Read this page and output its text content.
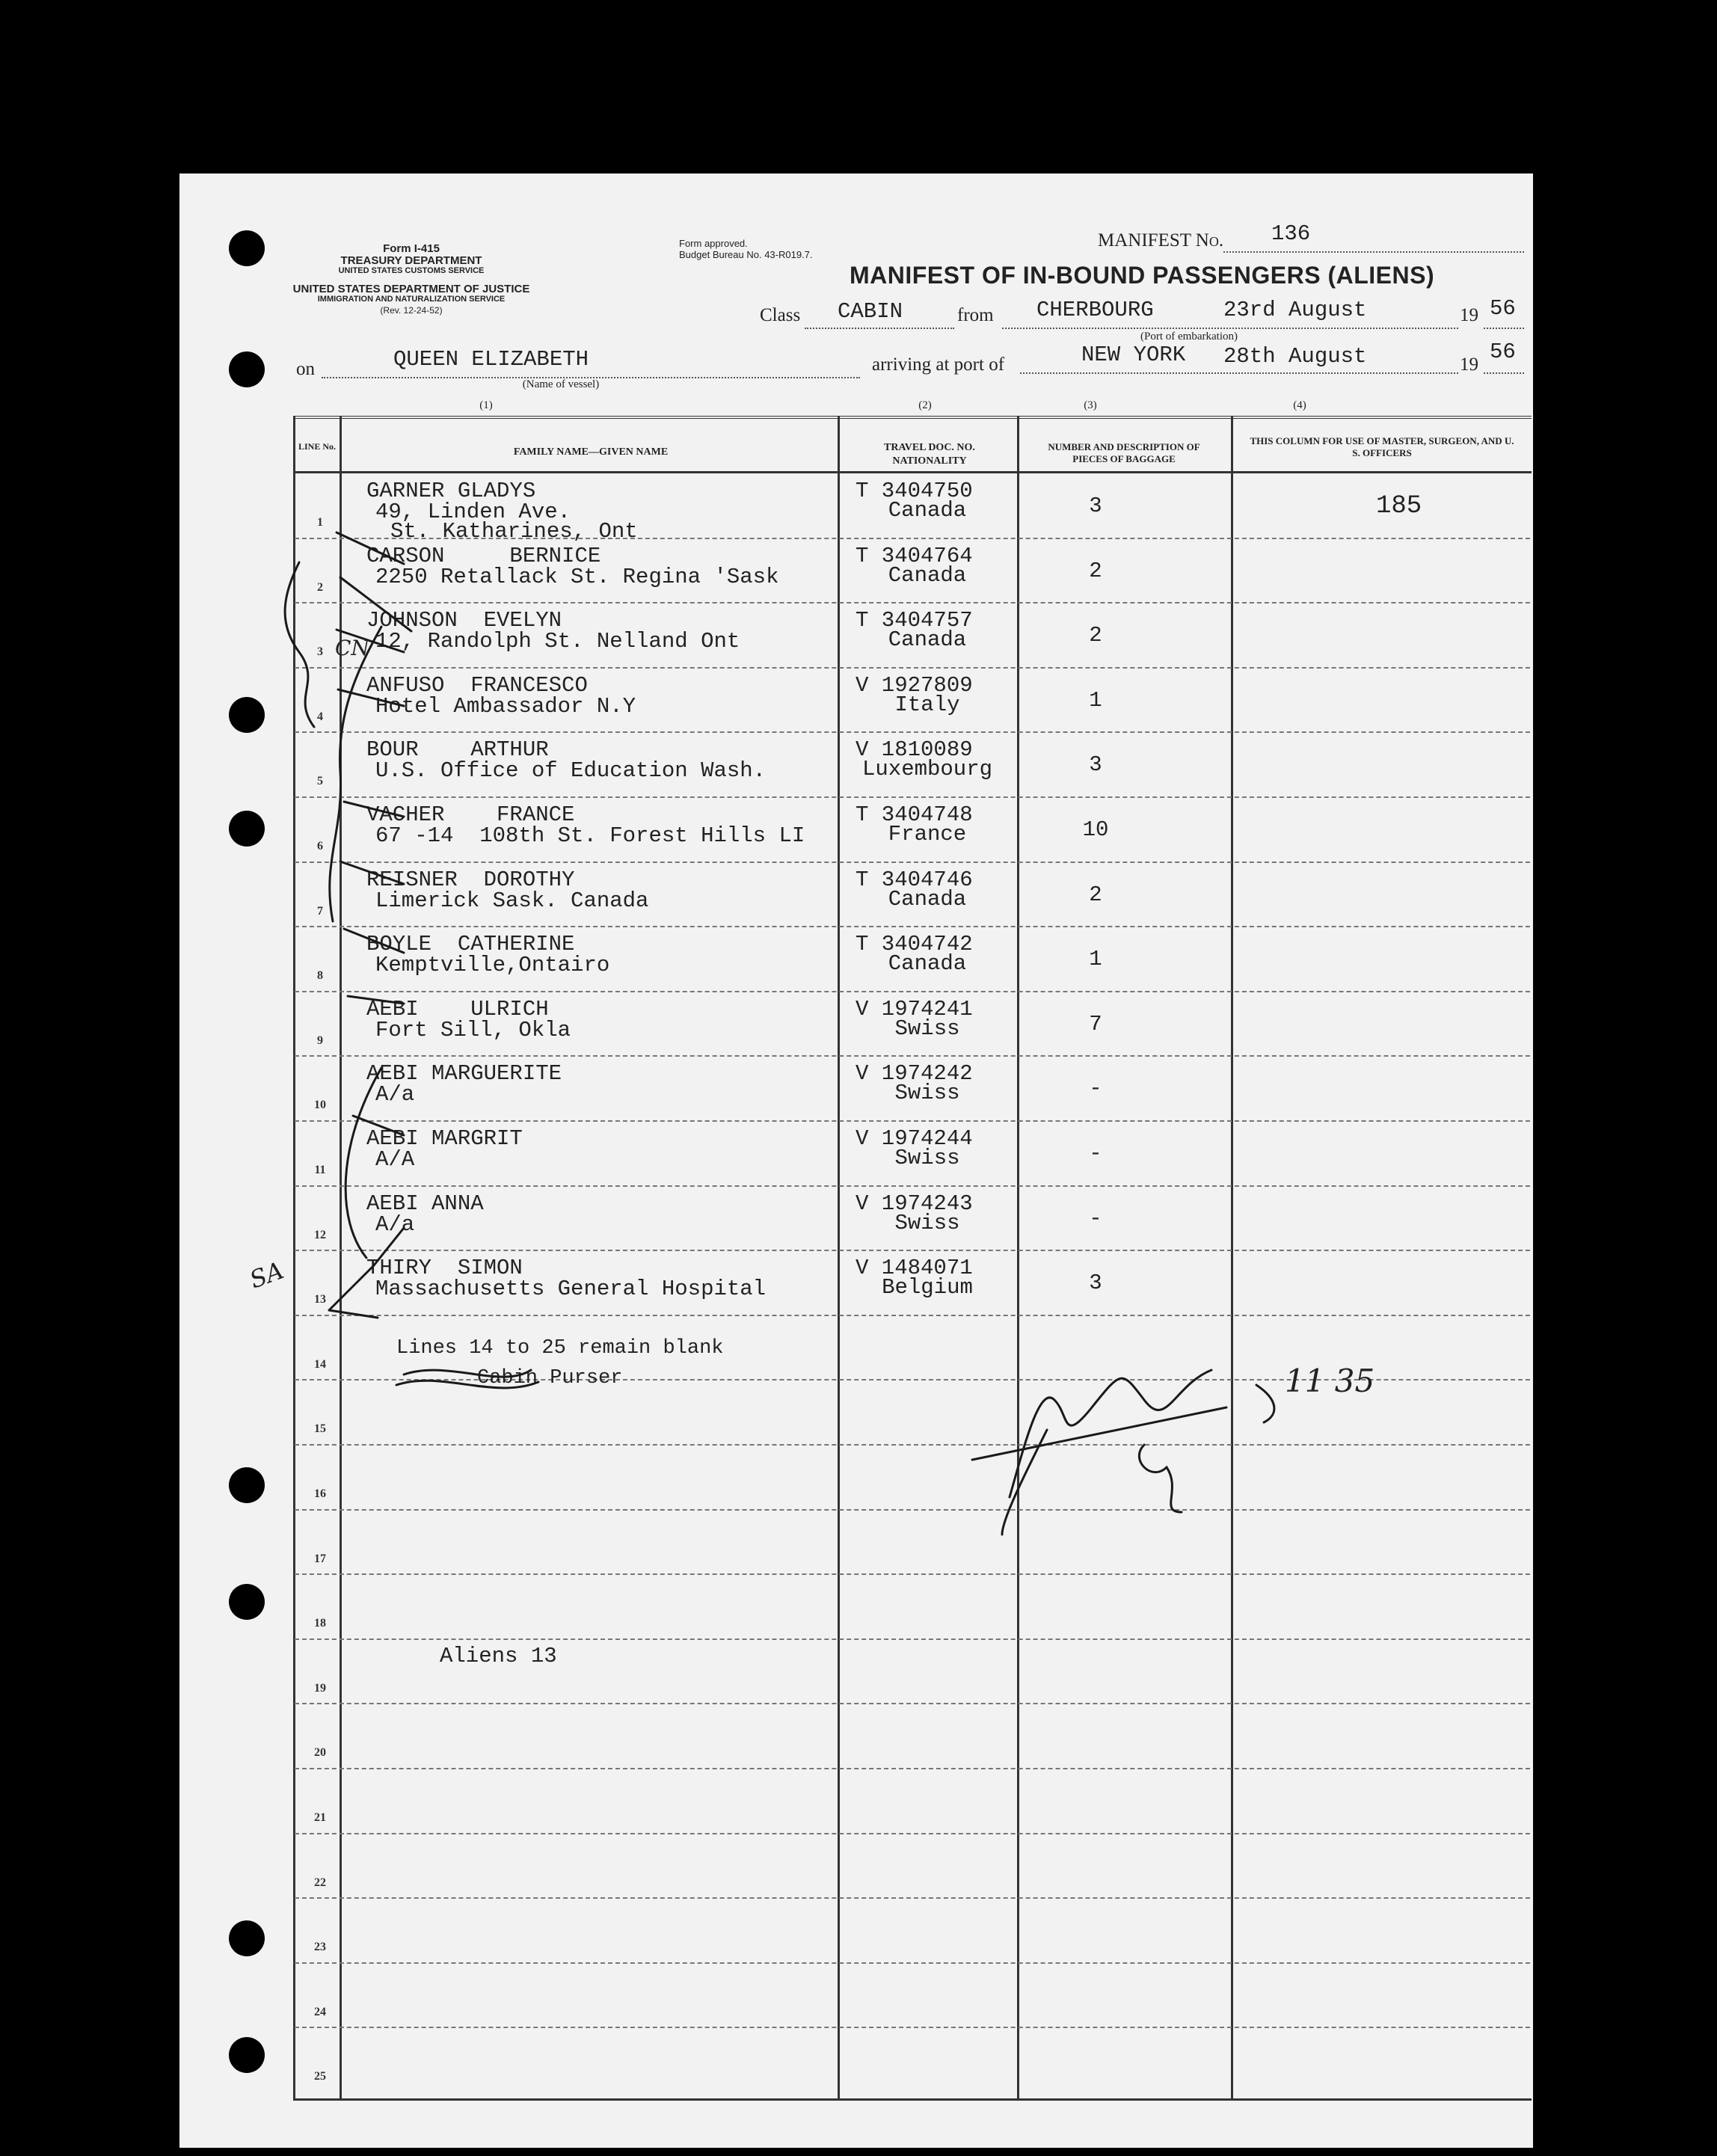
Form I-415
TREASURY DEPARTMENT
UNITED STATES CUSTOMS SERVICE
UNITED STATES DEPARTMENT OF JUSTICE
IMMIGRATION AND NATURALIZATION SERVICE
(Rev. 12-24-52)
Form approved.
Budget Bureau No. 43-R019.7.
MANIFEST No. 136
MANIFEST OF IN-BOUND PASSENGERS (ALIENS)
Class CABIN	from CHERBOURG	23rd August	19 56
(Port of embarkation)
on	QUEEN ELIZABETH
(Name of vessel)
arriving at port of	NEW YORK 28th August	19
56
(1)	(2)	(3)	(4)
LINE No.	FAMILY NAME—GIVEN NAME	TRAVEL DOC. NO. NATIONALITY
NUMBER AND DESCRIPTION OF PIECES OF BAGGAGE
THIS COLUMN FOR USE OF MASTER, SURGEON, AND U. S. OFFICERS
1
GARNER GLADYS
49, Linden Ave.
St. Katharines, Ont
T 3404750
Canada	3	185
2
CARSON     BERNICE
2250 Retallack St. Regina 'Sask
T 3404764
Canada	2
3
JOHNSON  EVELYN
12, Randolph St. Nelland Ont
T 3404757
Canada	2
4
ANFUSO  FRANCESCO
Hotel Ambassador N.Y
V 1927809
Italy	1
5
BOUR    ARTHUR
U.S. Office of Education Wash.
V 1810089
Luxembourg	3
6
VACHER    FRANCE
67 -14  108th St. Forest Hills LI
T 3404748
France	10
7
REISNER  DOROTHY
Limerick Sask. Canada
T 3404746
Canada	2
8
BOYLE  CATHERINE
Kemptville,Ontairo
T 3404742
Canada	1
9
AEBI    ULRICH
Fort Sill, Okla
V 1974241
Swiss	7
10
AEBI MARGUERITE
A/a
V 1974242
Swiss	-
11
AEBI MARGRIT
A/A
V 1974244
Swiss	-
12
AEBI ANNA
A/a
V 1974243
Swiss	-
13
THIRY  SIMON
Massachusetts General Hospital
V 1484071
Belgium	3
14
15
16
17
18
19
20
21
22
23
24
25
Lines 14 to 25 remain blank
Cabin Purser
Aliens 13
SA
CN
11 35
